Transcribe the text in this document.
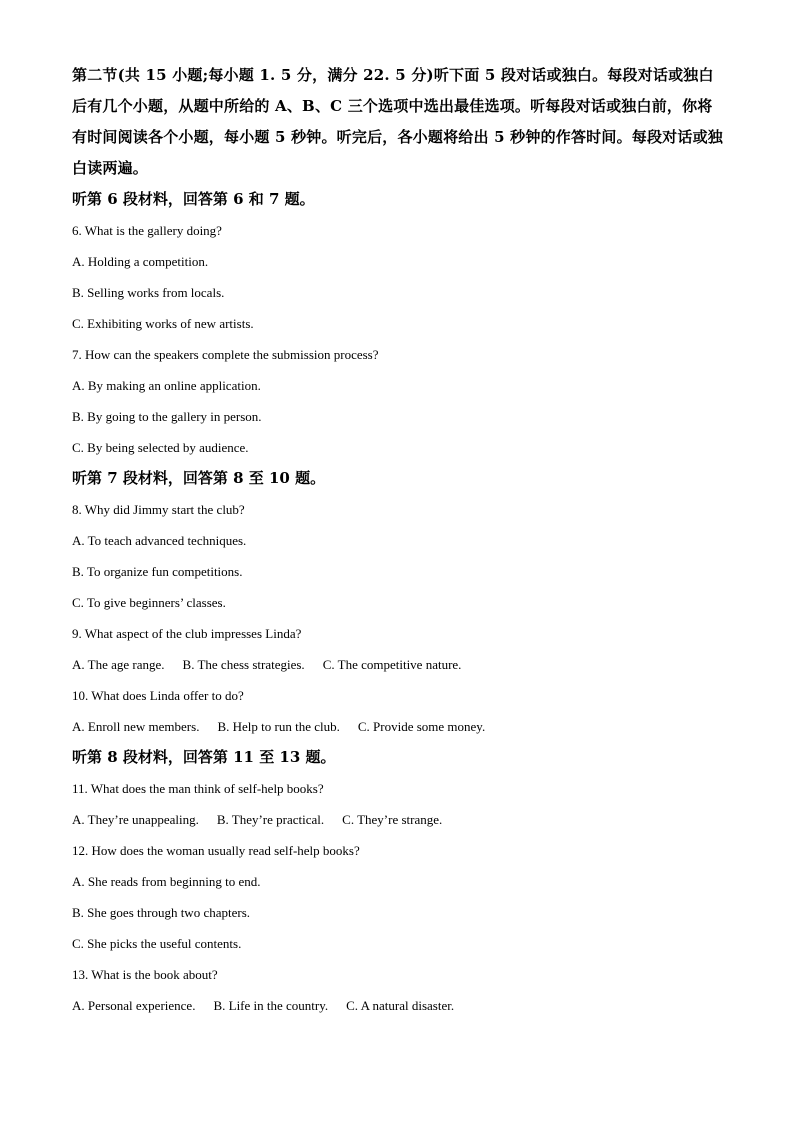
第二节(共 15 小题;每小题 1. 5 分，满分 22. 5 分)听下面 5 段对话或独白。每段对话或独白后有几个小题，从题中所给的 A、B、C 三个选项中选出最佳选项。听每段对话或独白前，你将有时间阅读各个小题，每小题 5 秒钟。听完后，各小题将给出 5 秒钟的作答时间。每段对话或独白读两遍。

听第 6 段材料，回答第 6 和 7 题。

6. What is the gallery doing?

A. Holding a competition.

B. Selling works from locals.

C. Exhibiting works of new artists.

7. How can the speakers complete the submission process?

A. By making an online application.

B. By going to the gallery in person.

C. By being selected by audience.

听第 7 段材料，回答第 8 至 10 题。

8. Why did Jimmy start the club?

A. To teach advanced techniques.

B. To organize fun competitions.

C. To give beginners’ classes.

9. What aspect of the club impresses Linda?

A. The age range. B. The chess strategies. C. The competitive nature.

10. What does Linda offer to do?

A. Enroll new members. B. Help to run the club. C. Provide some money.

听第 8 段材料，回答第 11 至 13 题。

11. What does the man think of self-help books?

A. They’re unappealing. B. They’re practical. C. They’re strange.

12. How does the woman usually read self-help books?

A. She reads from beginning to end.

B. She goes through two chapters.

C. She picks the useful contents.

13. What is the book about?

A. Personal experience. B. Life in the country. C. A natural disaster.
